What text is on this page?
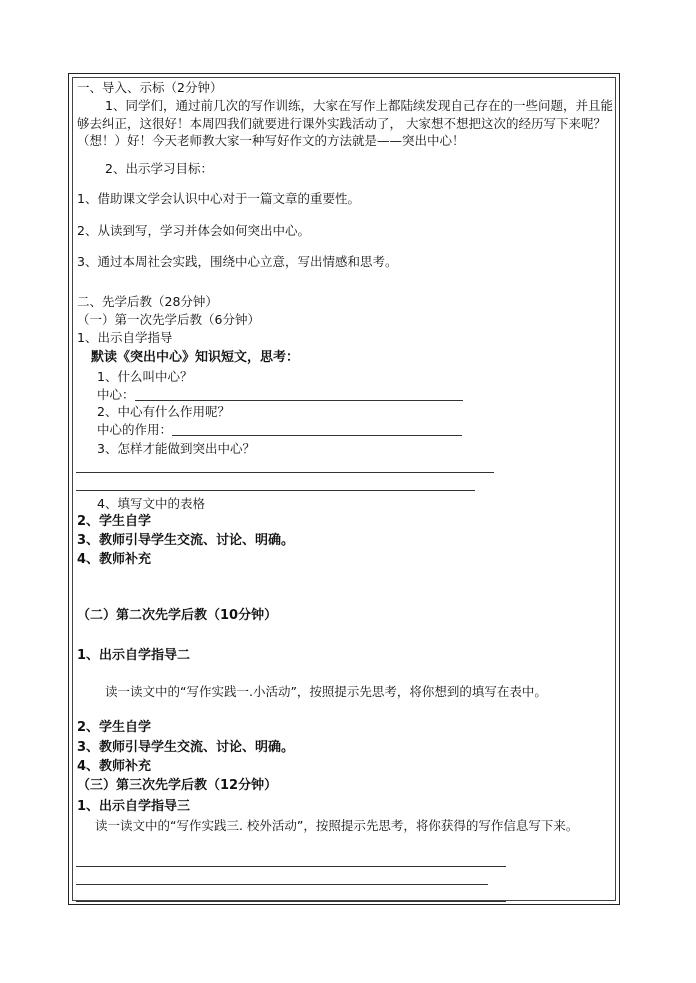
一、导入、示标（2分钟）
1、同学们，通过前几次的写作训练，大家在写作上都陆续发现自己存在的一些问题，并且能
够去纠正，这很好！本周四我们就要进行课外实践活动了， 大家想不想把这次的经历写下来呢？
（想！）好！今天老师教大家一种写好作文的方法就是——突出中心！
2、出示学习目标：
1、借助课文学会认识中心对于一篇文章的重要性。
2、从读到写，学习并体会如何突出中心。
3、通过本周社会实践，围绕中心立意，写出情感和思考。
二、先学后教（28分钟）
（一）第一次先学后教（6分钟）
1、出示自学指导
默读《突出中心》知识短文，思考：
1、什么叫中心？
中心：
2、中心有什么作用呢？
中心的作用：
3、怎样才能做到突出中心？
4、填写文中的表格
2、学生自学
3、教师引导学生交流、讨论、明确。
4、教师补充
（二）第二次先学后教（10分钟）
1、出示自学指导二
读一读文中的“写作实践一.小活动”，按照提示先思考，将你想到的填写在表中。
2、学生自学
3、教师引导学生交流、讨论、明确。
4、教师补充
（三）第三次先学后教（12分钟）
1、出示自学指导三
读一读文中的“写作实践三. 校外活动”，按照提示先思考，将你获得的写作信息写下来。
